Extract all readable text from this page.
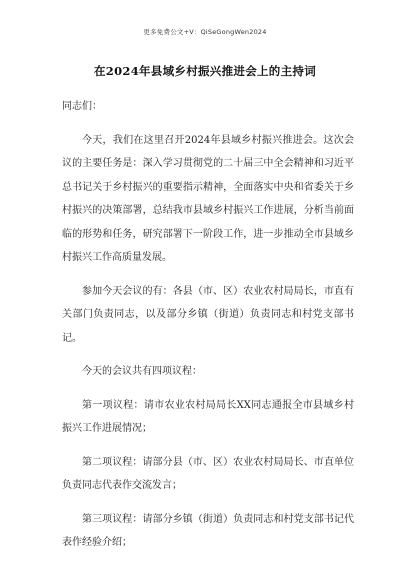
更多免费公文+V：QiSeGongWen2024
在2024年县域乡村振兴推进会上的主持词

同志们：

今天，我们在这里召开2024年县域乡村振兴推进会。这次会议的主要任务是：深入学习贯彻党的二十届三中全会精神和习近平总书记关于乡村振兴的重要指示精神，全面落实中央和省委关于乡村振兴的决策部署，总结我市县域乡村振兴工作进展，分析当前面临的形势和任务，研究部署下一阶段工作，进一步推动全市县域乡村振兴工作高质量发展。

参加今天会议的有：各县（市、区）农业农村局局长，市直有关部门负责同志，以及部分乡镇（街道）负责同志和村党支部书记。

今天的会议共有四项议程：

第一项议程：请市农业农村局局长XX同志通报全市县域乡村振兴工作进展情况；

第二项议程：请部分县（市、区）农业农村局局长、市直单位负责同志代表作交流发言；

第三项议程：请部分乡镇（街道）负责同志和村党支部书记代表作经验介绍；
